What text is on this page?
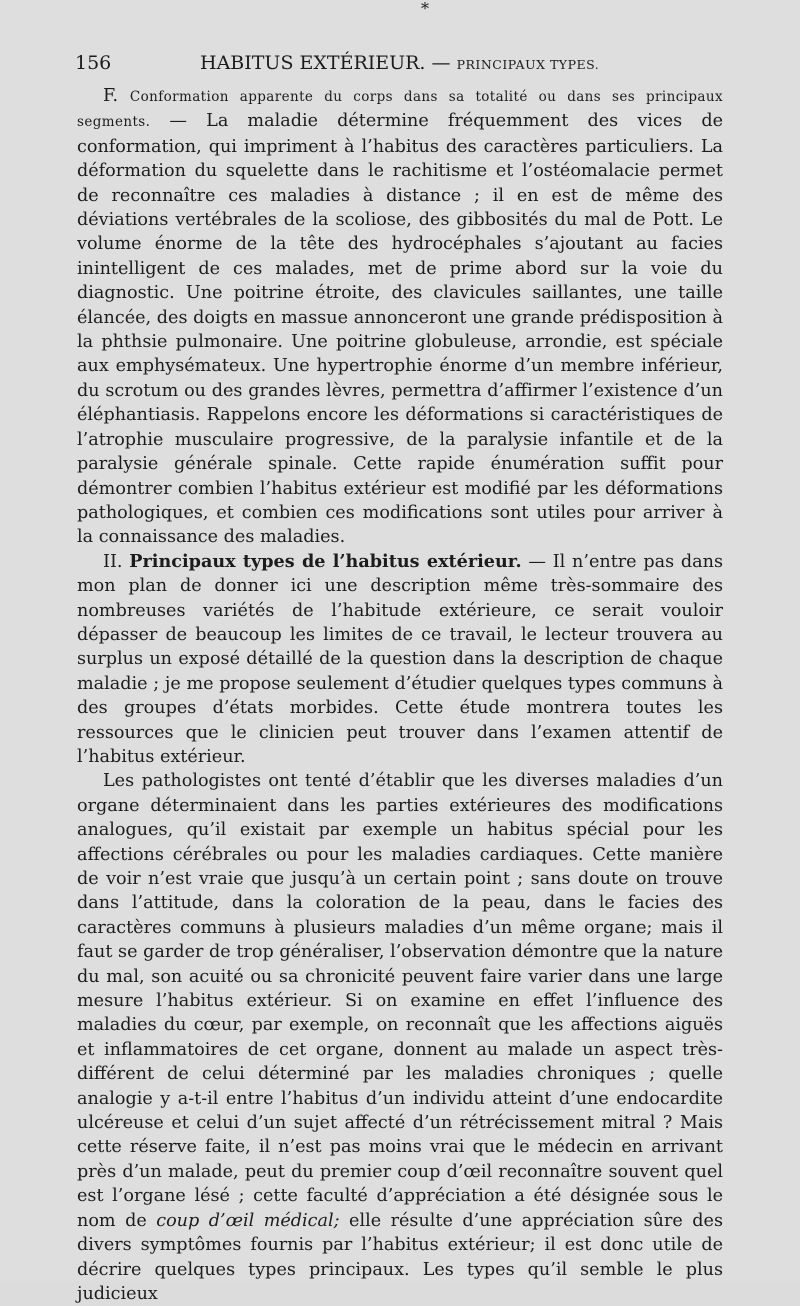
*
156	HABITUS EXTÉRIEUR. — PRINCIPAUX TYPES.

F. Conformation apparente du corps dans sa totalité ou dans ses principaux segments. — La maladie détermine fréquemment des vices de conformation, qui impriment à l’habitus des caractères particuliers. La déformation du squelette dans le rachitisme et l’ostéomalacie permet de reconnaître ces maladies à distance ; il en est de même des déviations vertébrales de la scoliose, des gibbosités du mal de Pott. Le volume énorme de la tête des hydrocéphales s’ajoutant au facies inintelligent de ces malades, met de prime abord sur la voie du diagnostic. Une poitrine étroite, des clavicules saillantes, une taille élancée, des doigts en massue annonceront une grande prédisposition à la phthsie pulmonaire. Une poitrine globuleuse, arrondie, est spéciale aux emphysémateux. Une hypertrophie énorme d’un membre inférieur, du scrotum ou des grandes lèvres, permettra d’affirmer l’existence d’un éléphantiasis. Rappelons encore les déformations si caractéristiques de l’atrophie musculaire progressive, de la paralysie infantile et de la paralysie générale spinale. Cette rapide énumération suffit pour démontrer combien l’habitus extérieur est modifié par les déformations pathologiques, et combien ces modifications sont utiles pour arriver à la connaissance des maladies.

II. Principaux types de l’habitus extérieur. — Il n’entre pas dans mon plan de donner ici une description même très-sommaire des nombreuses variétés de l’habitude extérieure, ce serait vouloir dépasser de beaucoup les limites de ce travail, le lecteur trouvera au surplus un exposé détaillé de la question dans la description de chaque maladie ; je me propose seulement d’étudier quelques types communs à des groupes d’états morbides. Cette étude montrera toutes les ressources que le clinicien peut trouver dans l’examen attentif de l’habitus extérieur.

Les pathologistes ont tenté d’établir que les diverses maladies d’un organe déterminaient dans les parties extérieures des modifications analogues, qu’il existait par exemple un habitus spécial pour les affections cérébrales ou pour les maladies cardiaques. Cette manière de voir n’est vraie que jusqu’à un certain point ; sans doute on trouve dans l’attitude, dans la coloration de la peau, dans le facies des caractères communs à plusieurs maladies d’un même organe; mais il faut se garder de trop généraliser, l’observation démontre que la nature du mal, son acuité ou sa chronicité peuvent faire varier dans une large mesure l’habitus extérieur. Si on examine en effet l’influence des maladies du cœur, par exemple, on reconnaît que les affections aiguës et inflammatoires de cet organe, donnent au malade un aspect très-différent de celui déterminé par les maladies chroniques ; quelle analogie y a-t-il entre l’habitus d’un individu atteint d’une endocardite ulcéreuse et celui d’un sujet affecté d’un rétrécissement mitral ? Mais cette réserve faite, il n’est pas moins vrai que le médecin en arrivant près d’un malade, peut du premier coup d’œil reconnaître souvent quel est l’organe lésé ; cette faculté d’appréciation a été désignée sous le nom de coup d’œil médical; elle résulte d’une appréciation sûre des divers symptômes fournis par l’habitus extérieur; il est donc utile de décrire quelques types principaux. Les types qu’il semble le plus judicieux
